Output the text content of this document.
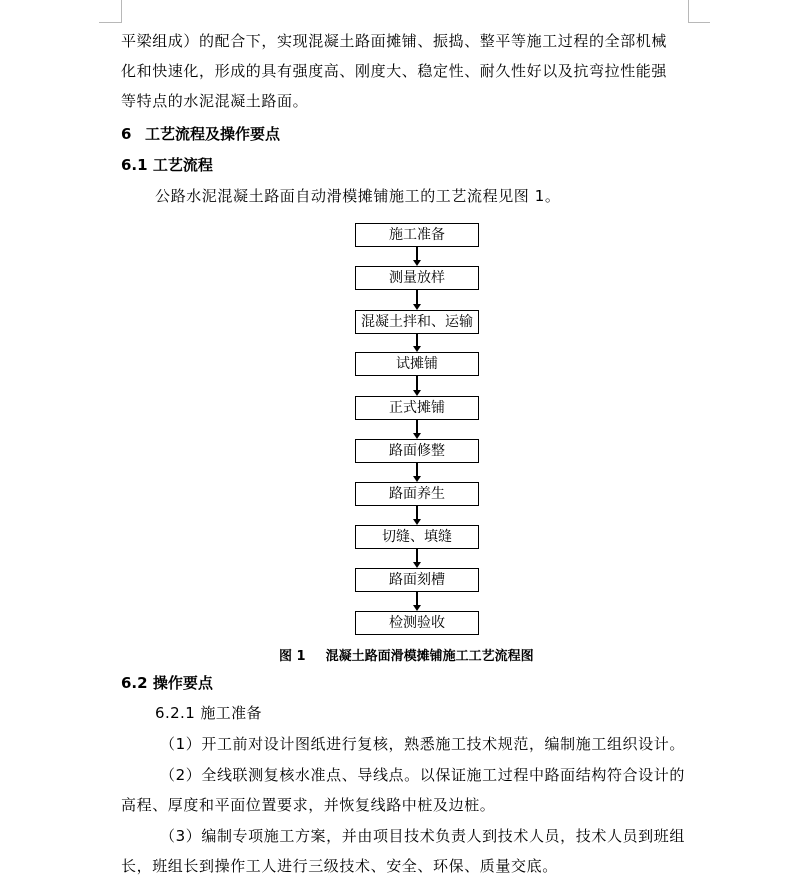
平梁组成）的配合下，实现混凝土路面摊铺、振捣、整平等施工过程的全部机械
化和快速化，形成的具有强度高、刚度大、稳定性、耐久性好以及抗弯拉性能强
等特点的水泥混凝土路面。
6 工艺流程及操作要点
6.1 工艺流程
公路水泥混凝土路面自动滑模摊铺施工的工艺流程见图 1。
施工准备
测量放样
混凝土拌和、运输
试摊铺
正式摊铺
路面修整
路面养生
切缝、填缝
路面刻槽
检测验收
图 1 混凝土路面滑模摊铺施工工艺流程图
6.2 操作要点
6.2.1 施工准备
（1）开工前对设计图纸进行复核，熟悉施工技术规范，编制施工组织设计。
（2）全线联测复核水准点、导线点。以保证施工过程中路面结构符合设计的
高程、厚度和平面位置要求，并恢复线路中桩及边桩。
（3）编制专项施工方案，并由项目技术负责人到技术人员，技术人员到班组
长，班组长到操作工人进行三级技术、安全、环保、质量交底。
